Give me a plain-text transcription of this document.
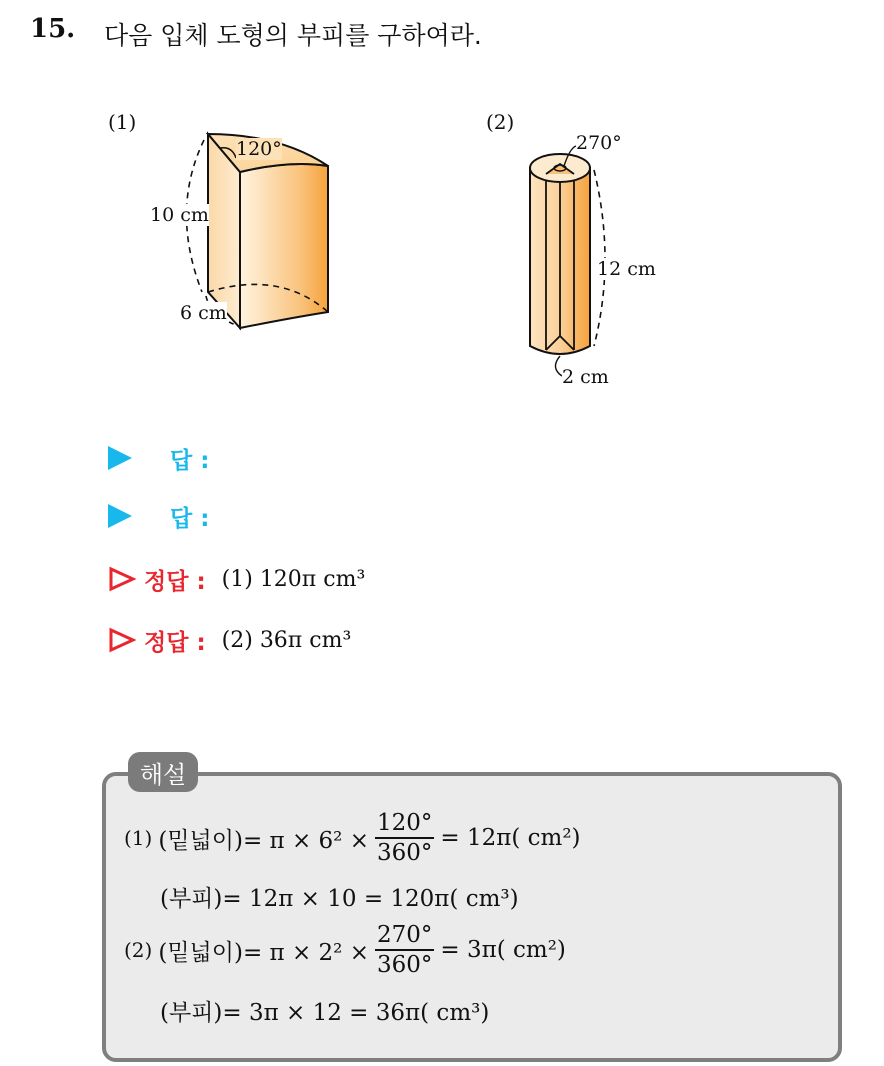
15. 다음 입체 도형의 부피를 구하여라.
(1)	(2)
120°
10 cm
6 cm
270°
12 cm
2 cm
답 :
답 :
정답 : (1) 120π cm³
정답 : (2) 36π cm³
해설
(1) (밑넓이)= $\pi \times 6^2 \times \frac{120^\circ}{360^\circ} = 12\pi$( cm²)
(부피)= 12π × 10 = 120π( cm³)
(2) (밑넓이)= $\pi \times 2^2 \times \frac{270^\circ}{360^\circ} = 3\pi$( cm²)
(부피)= 3π × 12 = 36π( cm³)
